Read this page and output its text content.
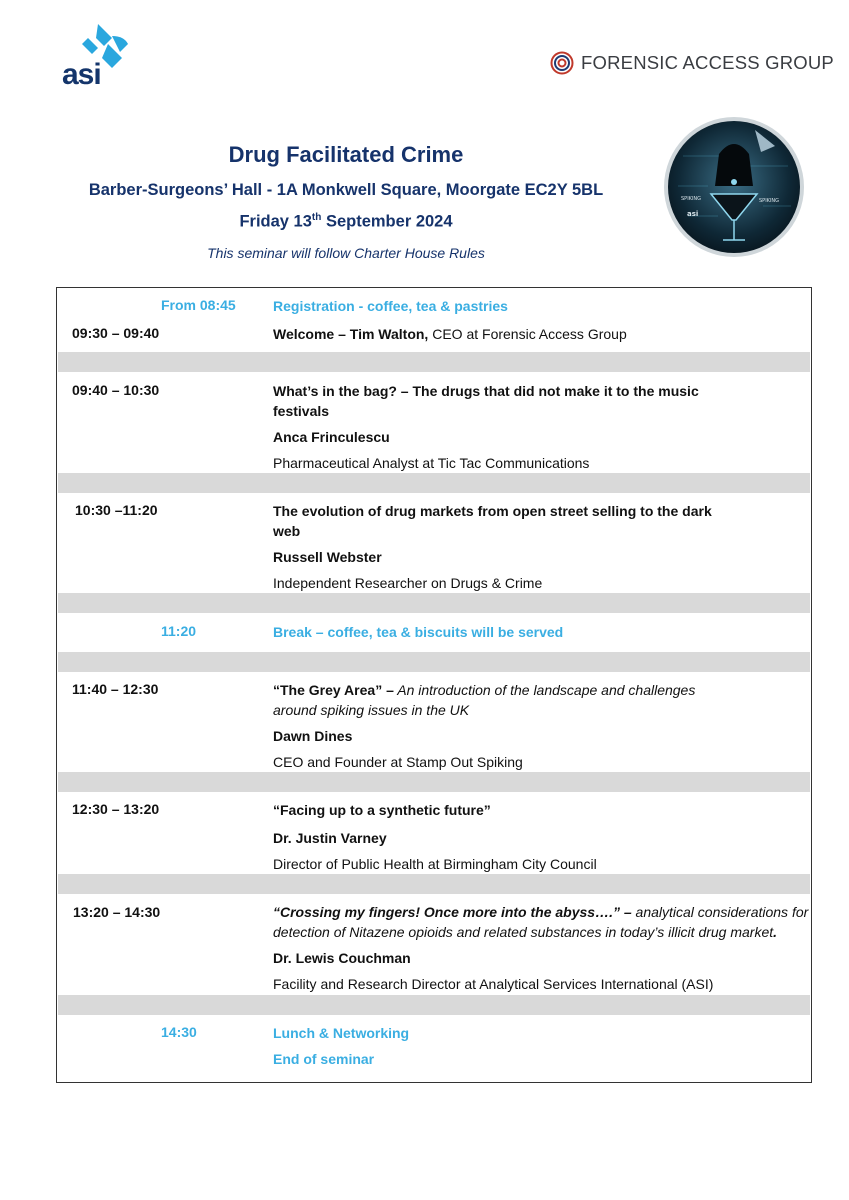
asi	FORENSIC ACCESS GROUP
asi
SPIKING	SPIKING
Drug Facilitated Crime
Barber-Surgeons’ Hall - 1A Monkwell Square, Moorgate EC2Y 5BL
Friday 13th September 2024
This seminar will follow Charter House Rules
From 08:45	Registration - coffee, tea & pastries
09:30 – 09:40	Welcome – Tim Walton, CEO at Forensic Access Group
09:40 – 10:30	What’s in the bag? – The drugs that did not make it to the music festivals
Anca Frinculescu
Pharmaceutical Analyst at Tic Tac Communications
10:30 –11:20	The evolution of drug markets from open street selling to the dark web
Russell Webster
Independent Researcher on Drugs & Crime
11:20	Break – coffee, tea & biscuits will be served
11:40 – 12:30	“The Grey Area” – An introduction of the landscape and challenges around spiking issues in the UK
Dawn Dines
CEO and Founder at Stamp Out Spiking
12:30 – 13:20	“Facing up to a synthetic future”
Dr. Justin Varney
Director of Public Health at Birmingham City Council
13:20 – 14:30	“Crossing my fingers! Once more into the abyss….” – analytical considerations for detection of Nitazene opioids and related substances in today’s illicit drug market.
Dr. Lewis Couchman
Facility and Research Director at Analytical Services International (ASI)
14:30	Lunch & Networking
End of seminar
